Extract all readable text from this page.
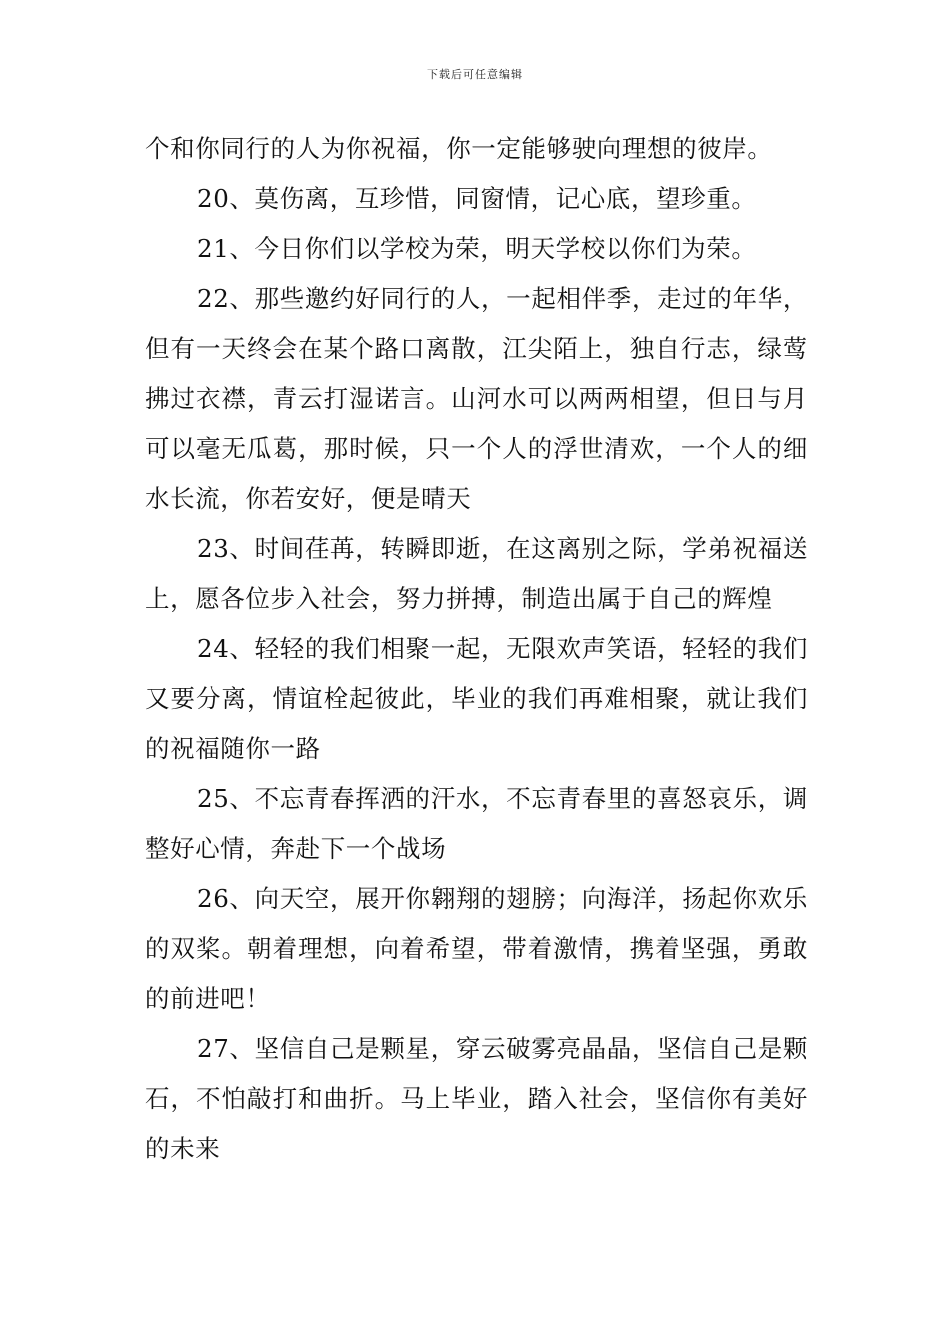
下载后可任意编辑

个和你同行的人为你祝福，你一定能够驶向理想的彼岸。

20、莫伤离，互珍惜，同窗情，记心底，望珍重。

21、今日你们以学校为荣，明天学校以你们为荣。

22、那些邀约好同行的人，一起相伴季，走过的年华，但有一天终会在某个路口离散，江尖陌上，独自行志，绿莺拂过衣襟，青云打湿诺言。山河水可以两两相望，但日与月可以毫无瓜葛，那时候，只一个人的浮世清欢，一个人的细水长流，你若安好，便是晴天

23、时间荏苒，转瞬即逝，在这离别之际，学弟祝福送上，愿各位步入社会，努力拼搏，制造出属于自己的辉煌

24、轻轻的我们相聚一起，无限欢声笑语，轻轻的我们又要分离，情谊栓起彼此，毕业的我们再难相聚，就让我们的祝福随你一路

25、不忘青春挥洒的汗水，不忘青春里的喜怒哀乐，调整好心情，奔赴下一个战场

26、向天空，展开你翱翔的翅膀；向海洋，扬起你欢乐的双桨。朝着理想，向着希望，带着激情，携着坚强，勇敢的前进吧！

27、坚信自己是颗星，穿云破雾亮晶晶，坚信自己是颗石，不怕敲打和曲折。马上毕业，踏入社会，坚信你有美好的未来
